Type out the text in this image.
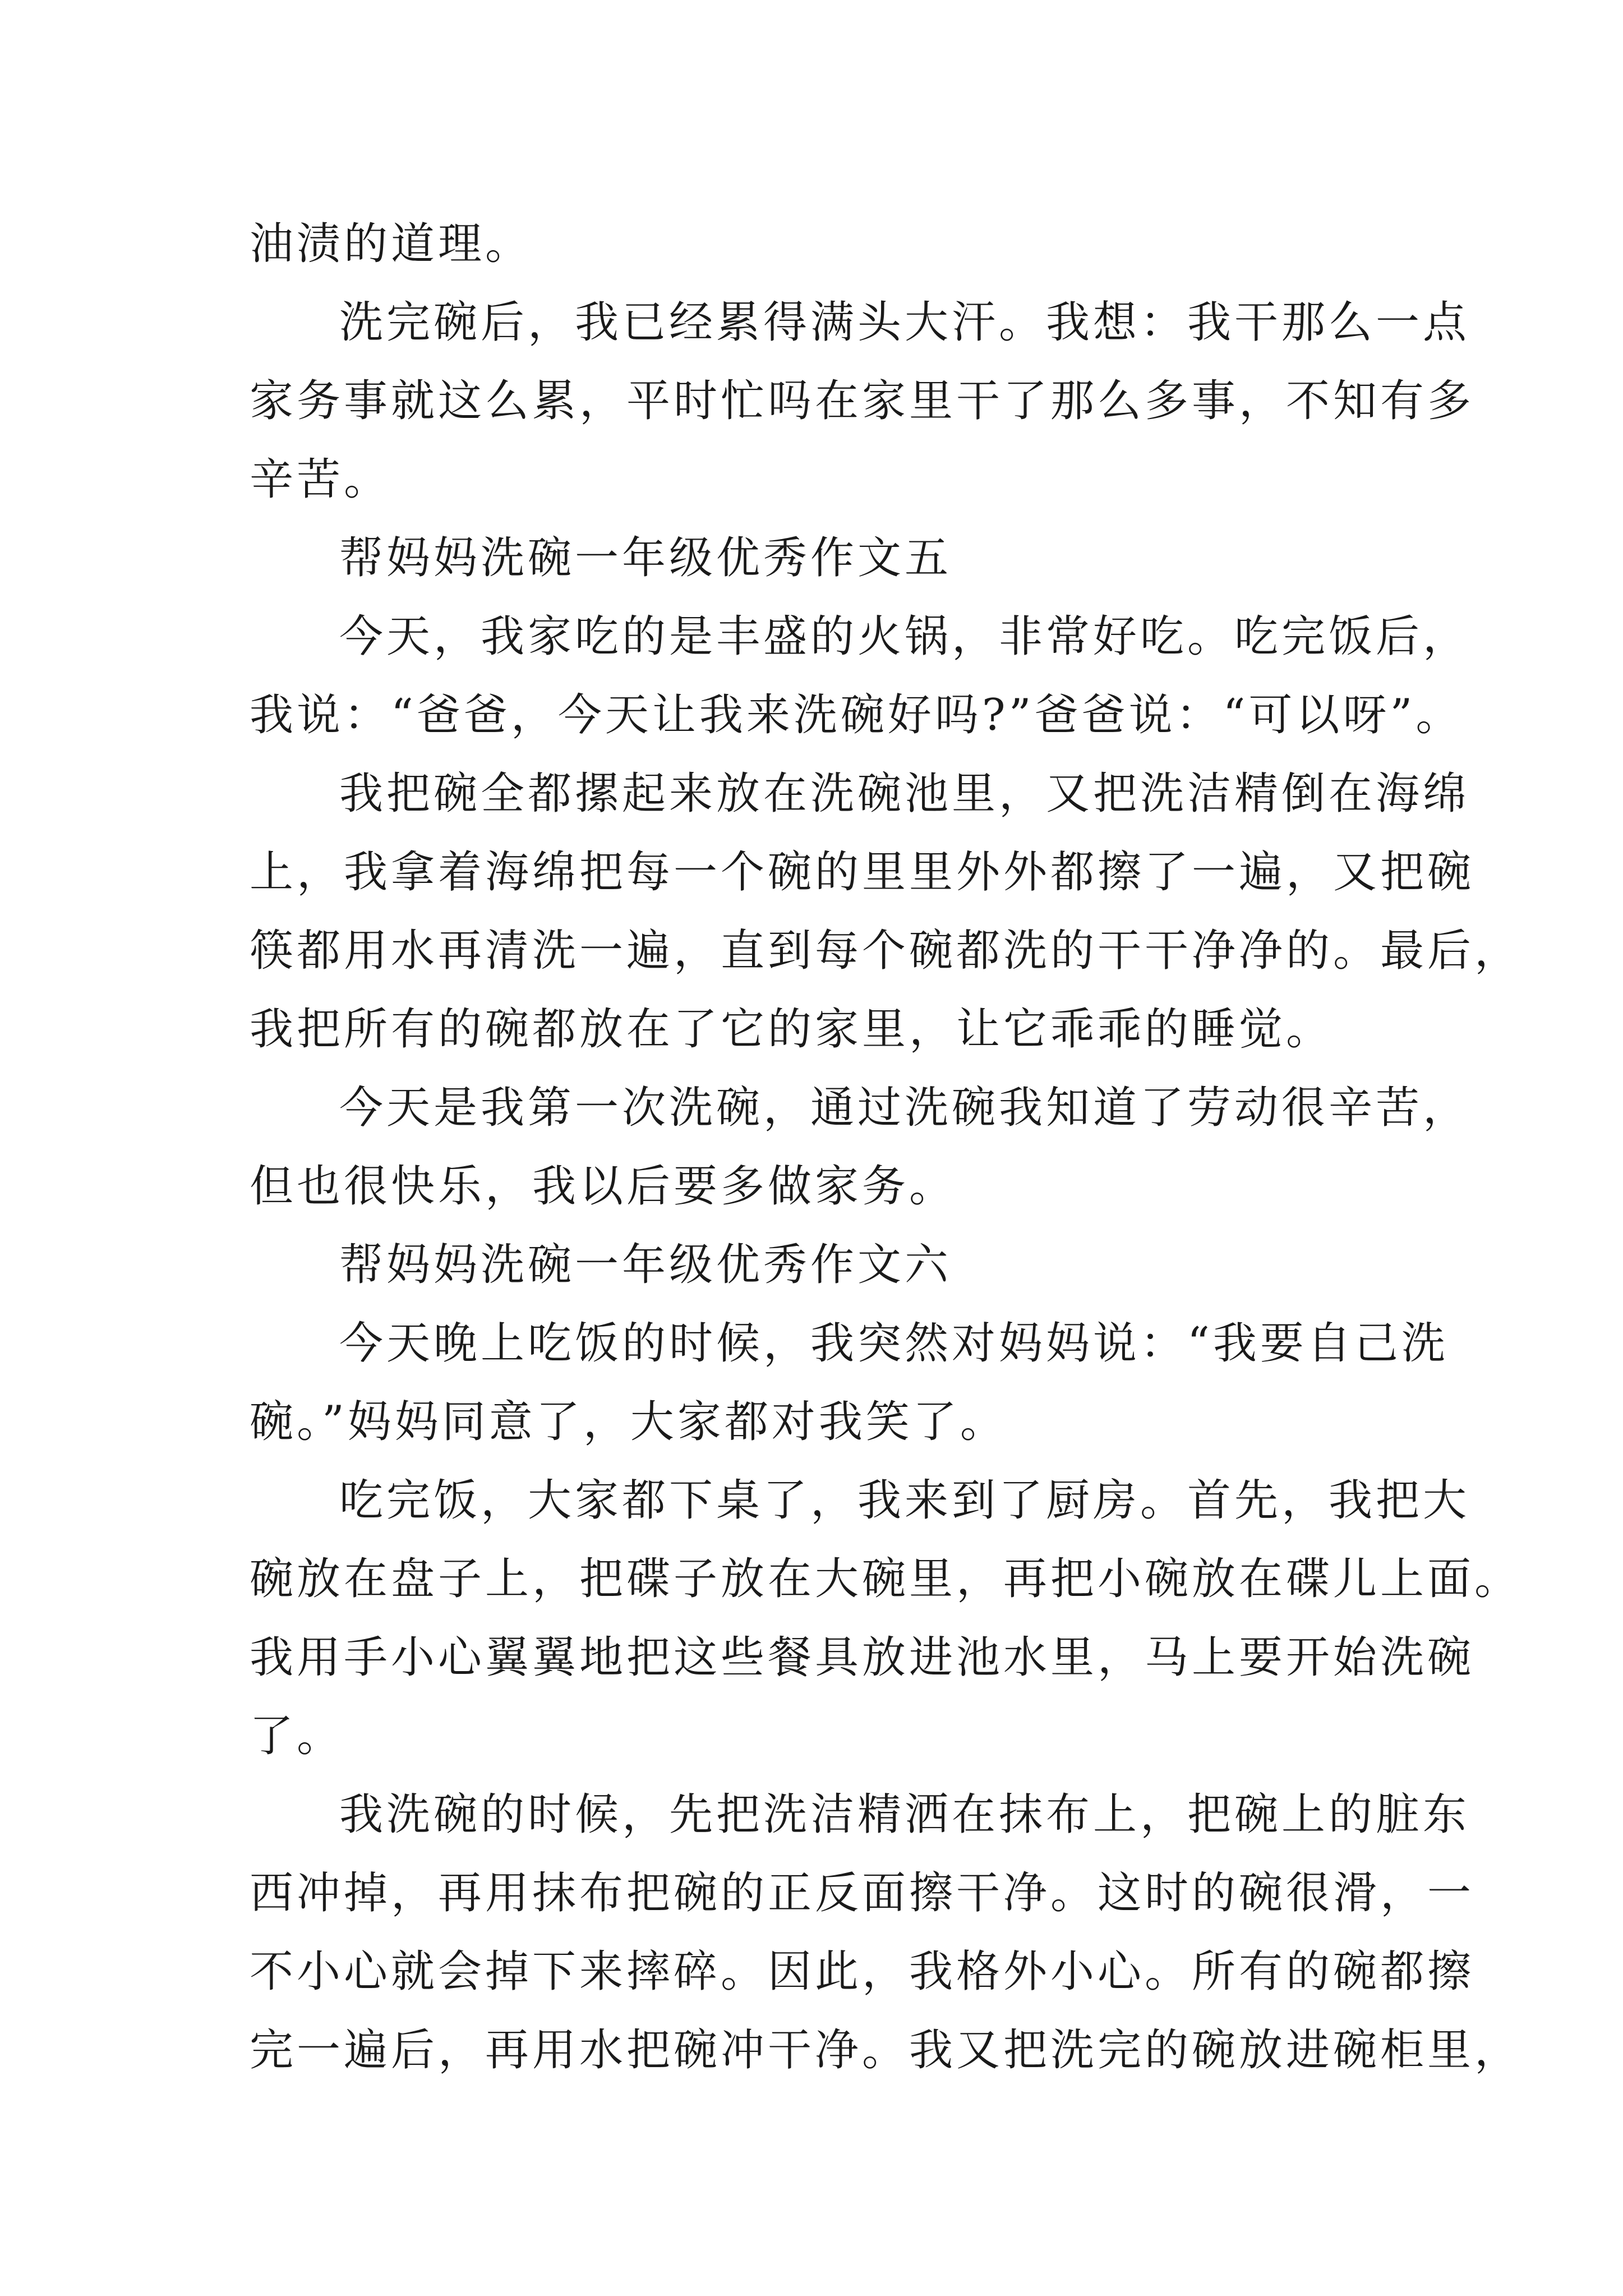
油渍的道理。
洗完碗后，我已经累得满头大汗。我想：我干那么一点
家务事就这么累，平时忙吗在家里干了那么多事，不知有多
辛苦。
帮妈妈洗碗一年级优秀作文五
今天，我家吃的是丰盛的火锅，非常好吃。吃完饭后，
我说：“爸爸，今天让我来洗碗好吗?”爸爸说：“可以呀”。
我把碗全都摞起来放在洗碗池里，又把洗洁精倒在海绵
上，我拿着海绵把每一个碗的里里外外都擦了一遍，又把碗
筷都用水再清洗一遍，直到每个碗都洗的干干净净的。最后，
我把所有的碗都放在了它的家里，让它乖乖的睡觉。
今天是我第一次洗碗，通过洗碗我知道了劳动很辛苦，
但也很快乐，我以后要多做家务。
帮妈妈洗碗一年级优秀作文六
今天晚上吃饭的时候，我突然对妈妈说：“我要自己洗
碗。”妈妈同意了，大家都对我笑了。
吃完饭，大家都下桌了，我来到了厨房。首先，我把大
碗放在盘子上，把碟子放在大碗里，再把小碗放在碟儿上面。
我用手小心翼翼地把这些餐具放进池水里，马上要开始洗碗
了。
我洗碗的时候，先把洗洁精洒在抹布上，把碗上的脏东
西冲掉，再用抹布把碗的正反面擦干净。这时的碗很滑，一
不小心就会掉下来摔碎。因此，我格外小心。所有的碗都擦
完一遍后，再用水把碗冲干净。我又把洗完的碗放进碗柜里，
